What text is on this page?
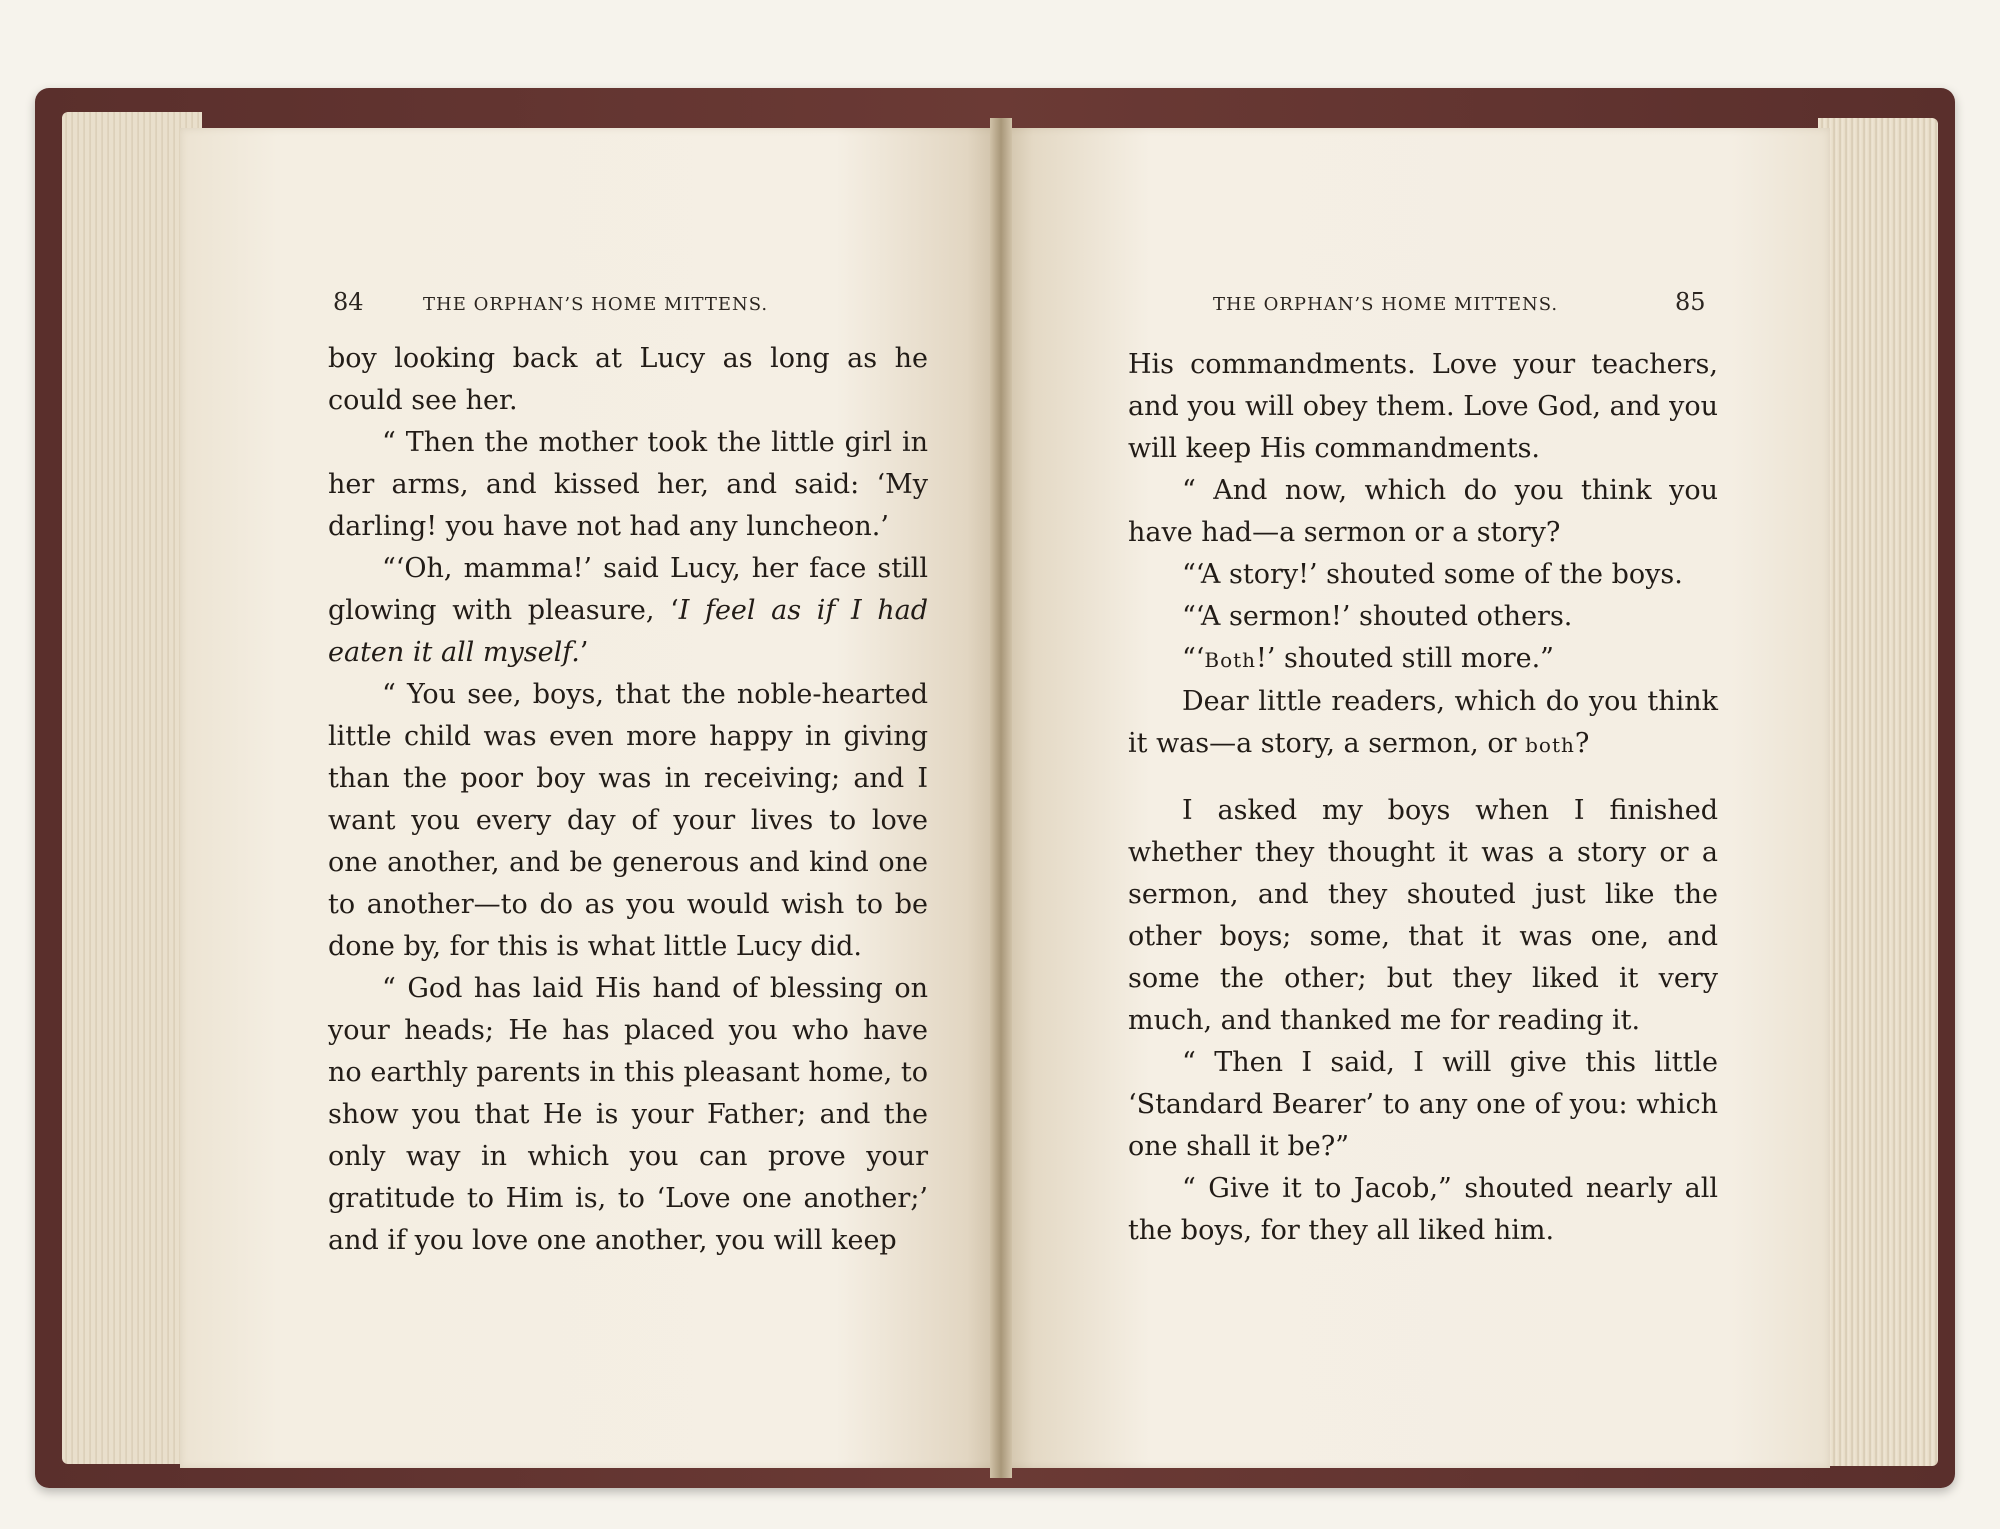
84	THE ORPHAN’S HOME MITTENS.

boy looking back at Lucy as long as he could see her.

“ Then the mother took the little girl in her arms, and kissed her, and said: ‘My darling! you have not had any luncheon.’

“‘Oh, mamma!’ said Lucy, her face still glowing with pleasure, ‘I feel as if I had eaten it all myself.’

“ You see, boys, that the noble-hearted little child was even more happy in giving than the poor boy was in receiving; and I want you every day of your lives to love one another, and be generous and kind one to another—to do as you would wish to be done by, for this is what little Lucy did.

“ God has laid His hand of blessing on your heads; He has placed you who have no earthly parents in this pleasant home, to show you that He is your Father; and the only way in which you can prove your gratitude to Him is, to ‘Love one another;’ and if you love one another, you will keep

THE ORPHAN’S HOME MITTENS.	85

His commandments. Love your teachers, and you will obey them. Love God, and you will keep His commandments.

“ And now, which do you think you have had—a sermon or a story?

“‘A story!’ shouted some of the boys.

“‘A sermon!’ shouted others.

“‘Both!’ shouted still more.”

Dear little readers, which do you think it was—a story, a sermon, or both?

I asked my boys when I finished whether they thought it was a story or a sermon, and they shouted just like the other boys; some, that it was one, and some the other; but they liked it very much, and thanked me for reading it.

“ Then I said, I will give this little ‘Standard Bearer’ to any one of you: which one shall it be?”

“ Give it to Jacob,” shouted nearly all the boys, for they all liked him.
